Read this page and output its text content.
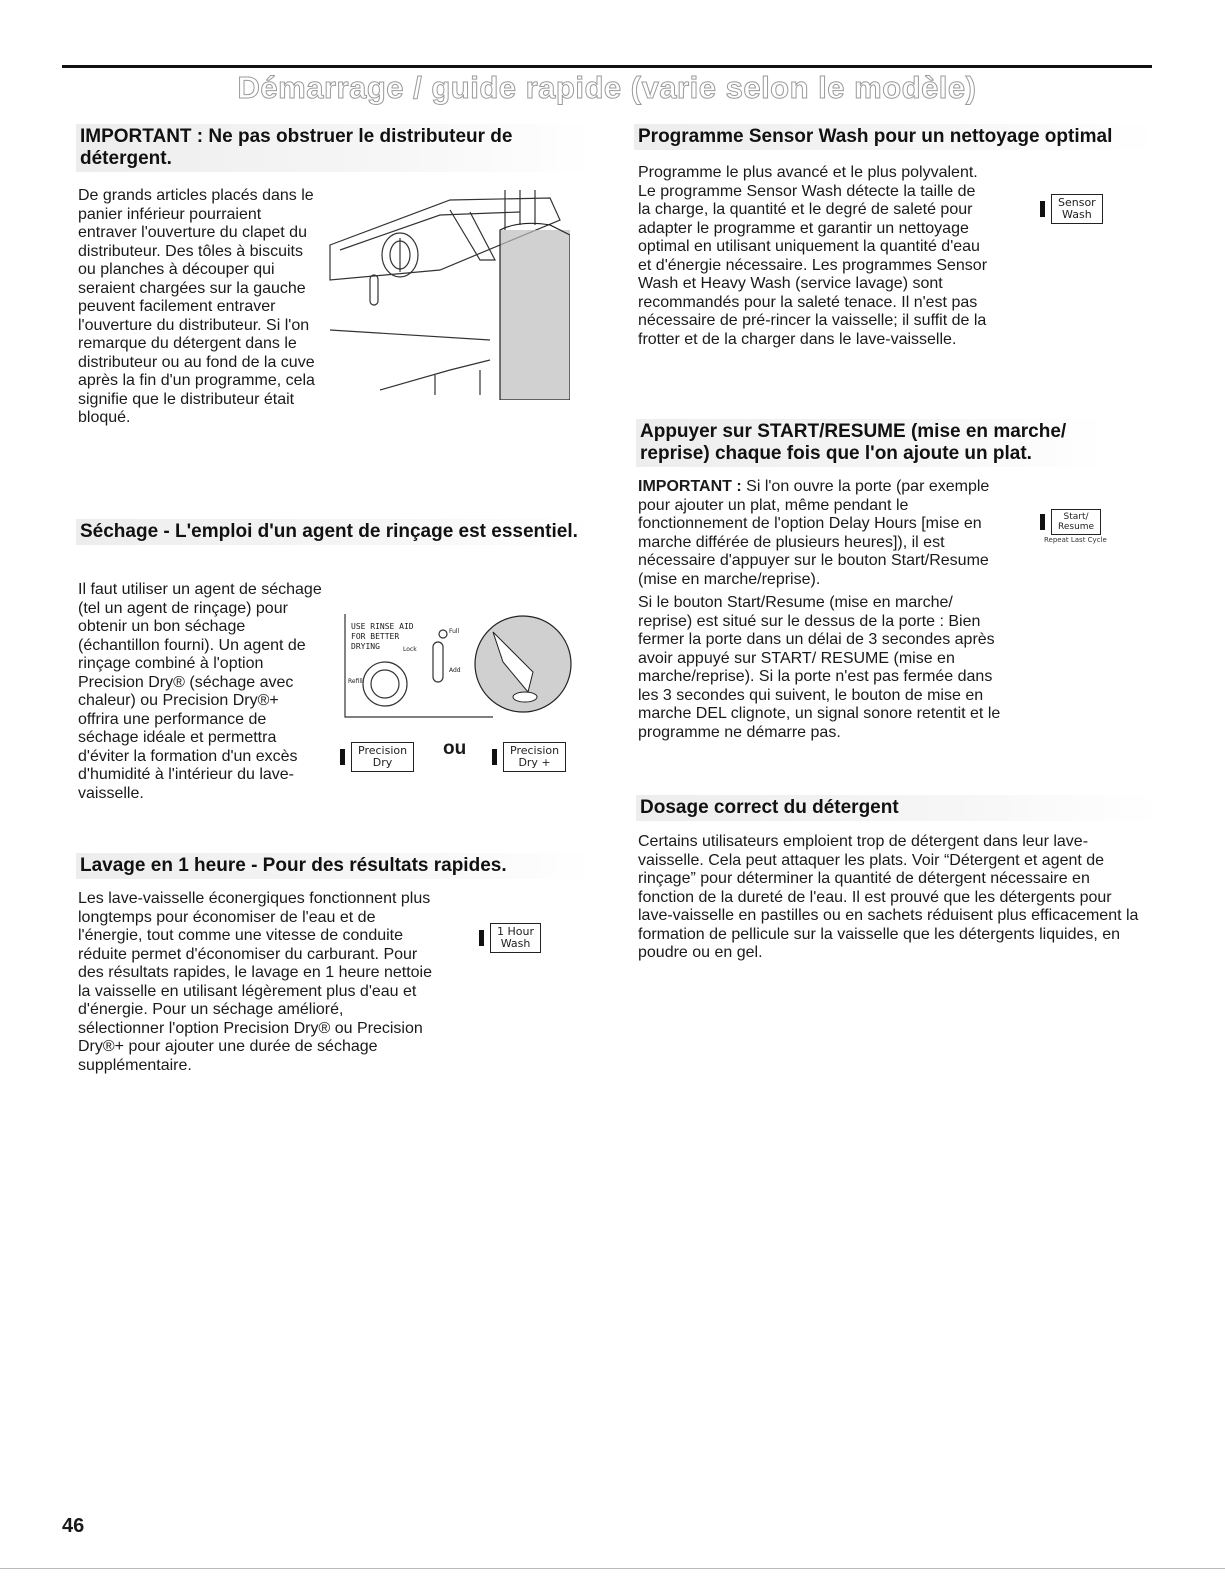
Démarrage / guide rapide (varie selon le modèle)
IMPORTANT : Ne pas obstruer le distributeur de détergent.
De grands articles placés dans le panier inférieur pourraient entraver l'ouverture du clapet du distributeur. Des tôles à biscuits ou planches à découper qui seraient chargées sur la gauche peuvent facilement entraver l'ouverture du distributeur. Si l'on remarque du détergent dans le distributeur ou au fond de la cuve après la fin d'un programme, cela signifie que le distributeur était bloqué.
Séchage - L'emploi d'un agent de rinçage est essentiel.
Il faut utiliser un agent de séchage (tel un agent de rinçage) pour obtenir un bon séchage (échantillon fourni). Un agent de rinçage combiné à l'option Precision Dry® (séchage avec chaleur) ou Precision Dry®+ offrira une performance de séchage idéale et permettra d'éviter la formation d'un excès d'humidité à l'intérieur du lave-vaisselle.
USE RINSE AID FOR BETTER DRYING	Lock
Refill
Full
Add
Precision
Dry
ou	Precision
Dry +
Lavage en 1 heure - Pour des résultats rapides.
Les lave-vaisselle éconergiques fonctionnent plus longtemps pour économiser de l'eau et de l'énergie, tout comme une vitesse de conduite réduite permet d'économiser du carburant. Pour des résultats rapides, le lavage en 1 heure nettoie la vaisselle en utilisant légèrement plus d'eau et d'énergie. Pour un séchage amélioré, sélectionner l'option Precision Dry® ou Precision Dry®+ pour ajouter une durée de séchage supplémentaire.
1 Hour
Wash
Programme Sensor Wash pour un nettoyage optimal
Programme le plus avancé et le plus polyvalent. Le programme Sensor Wash détecte la taille de la charge, la quantité et le degré de saleté pour adapter le programme et garantir un nettoyage optimal en utilisant uniquement la quantité d'eau et d'énergie nécessaire. Les programmes Sensor Wash et Heavy Wash (service lavage) sont recommandés pour la saleté tenace. Il n'est pas nécessaire de pré-rincer la vaisselle; il suffit de la frotter et de la charger dans le lave-vaisselle.
Sensor
Wash
Appuyer sur START/RESUME (mise en marche/ reprise) chaque fois que l'on ajoute un plat.

IMPORTANT : Si l'on ouvre la porte (par exemple pour ajouter un plat, même pendant le fonctionnement de l'option Delay Hours [mise en marche différée de plusieurs heures]), il est nécessaire d'appuyer sur le bouton Start/Resume (mise en marche/reprise).

Si le bouton Start/Resume (mise en marche/ reprise) est situé sur le dessus de la porte : Bien fermer la porte dans un délai de 3 secondes après avoir appuyé sur START/ RESUME (mise en marche/reprise). Si la porte n'est pas fermée dans les 3 secondes qui suivent, le bouton de mise en marche DEL clignote, un signal sonore retentit et le programme ne démarre pas.

Start/
Resume
Repeat Last Cycle
Dosage correct du détergent
Certains utilisateurs emploient trop de détergent dans leur lave-vaisselle. Cela peut attaquer les plats. Voir “Détergent et agent de rinçage” pour déterminer la quantité de détergent nécessaire en fonction de la dureté de l'eau. Il est prouvé que les détergents pour lave-vaisselle en pastilles ou en sachets réduisent plus efficacement la formation de pellicule sur la vaisselle que les détergents liquides, en poudre ou en gel.
46
